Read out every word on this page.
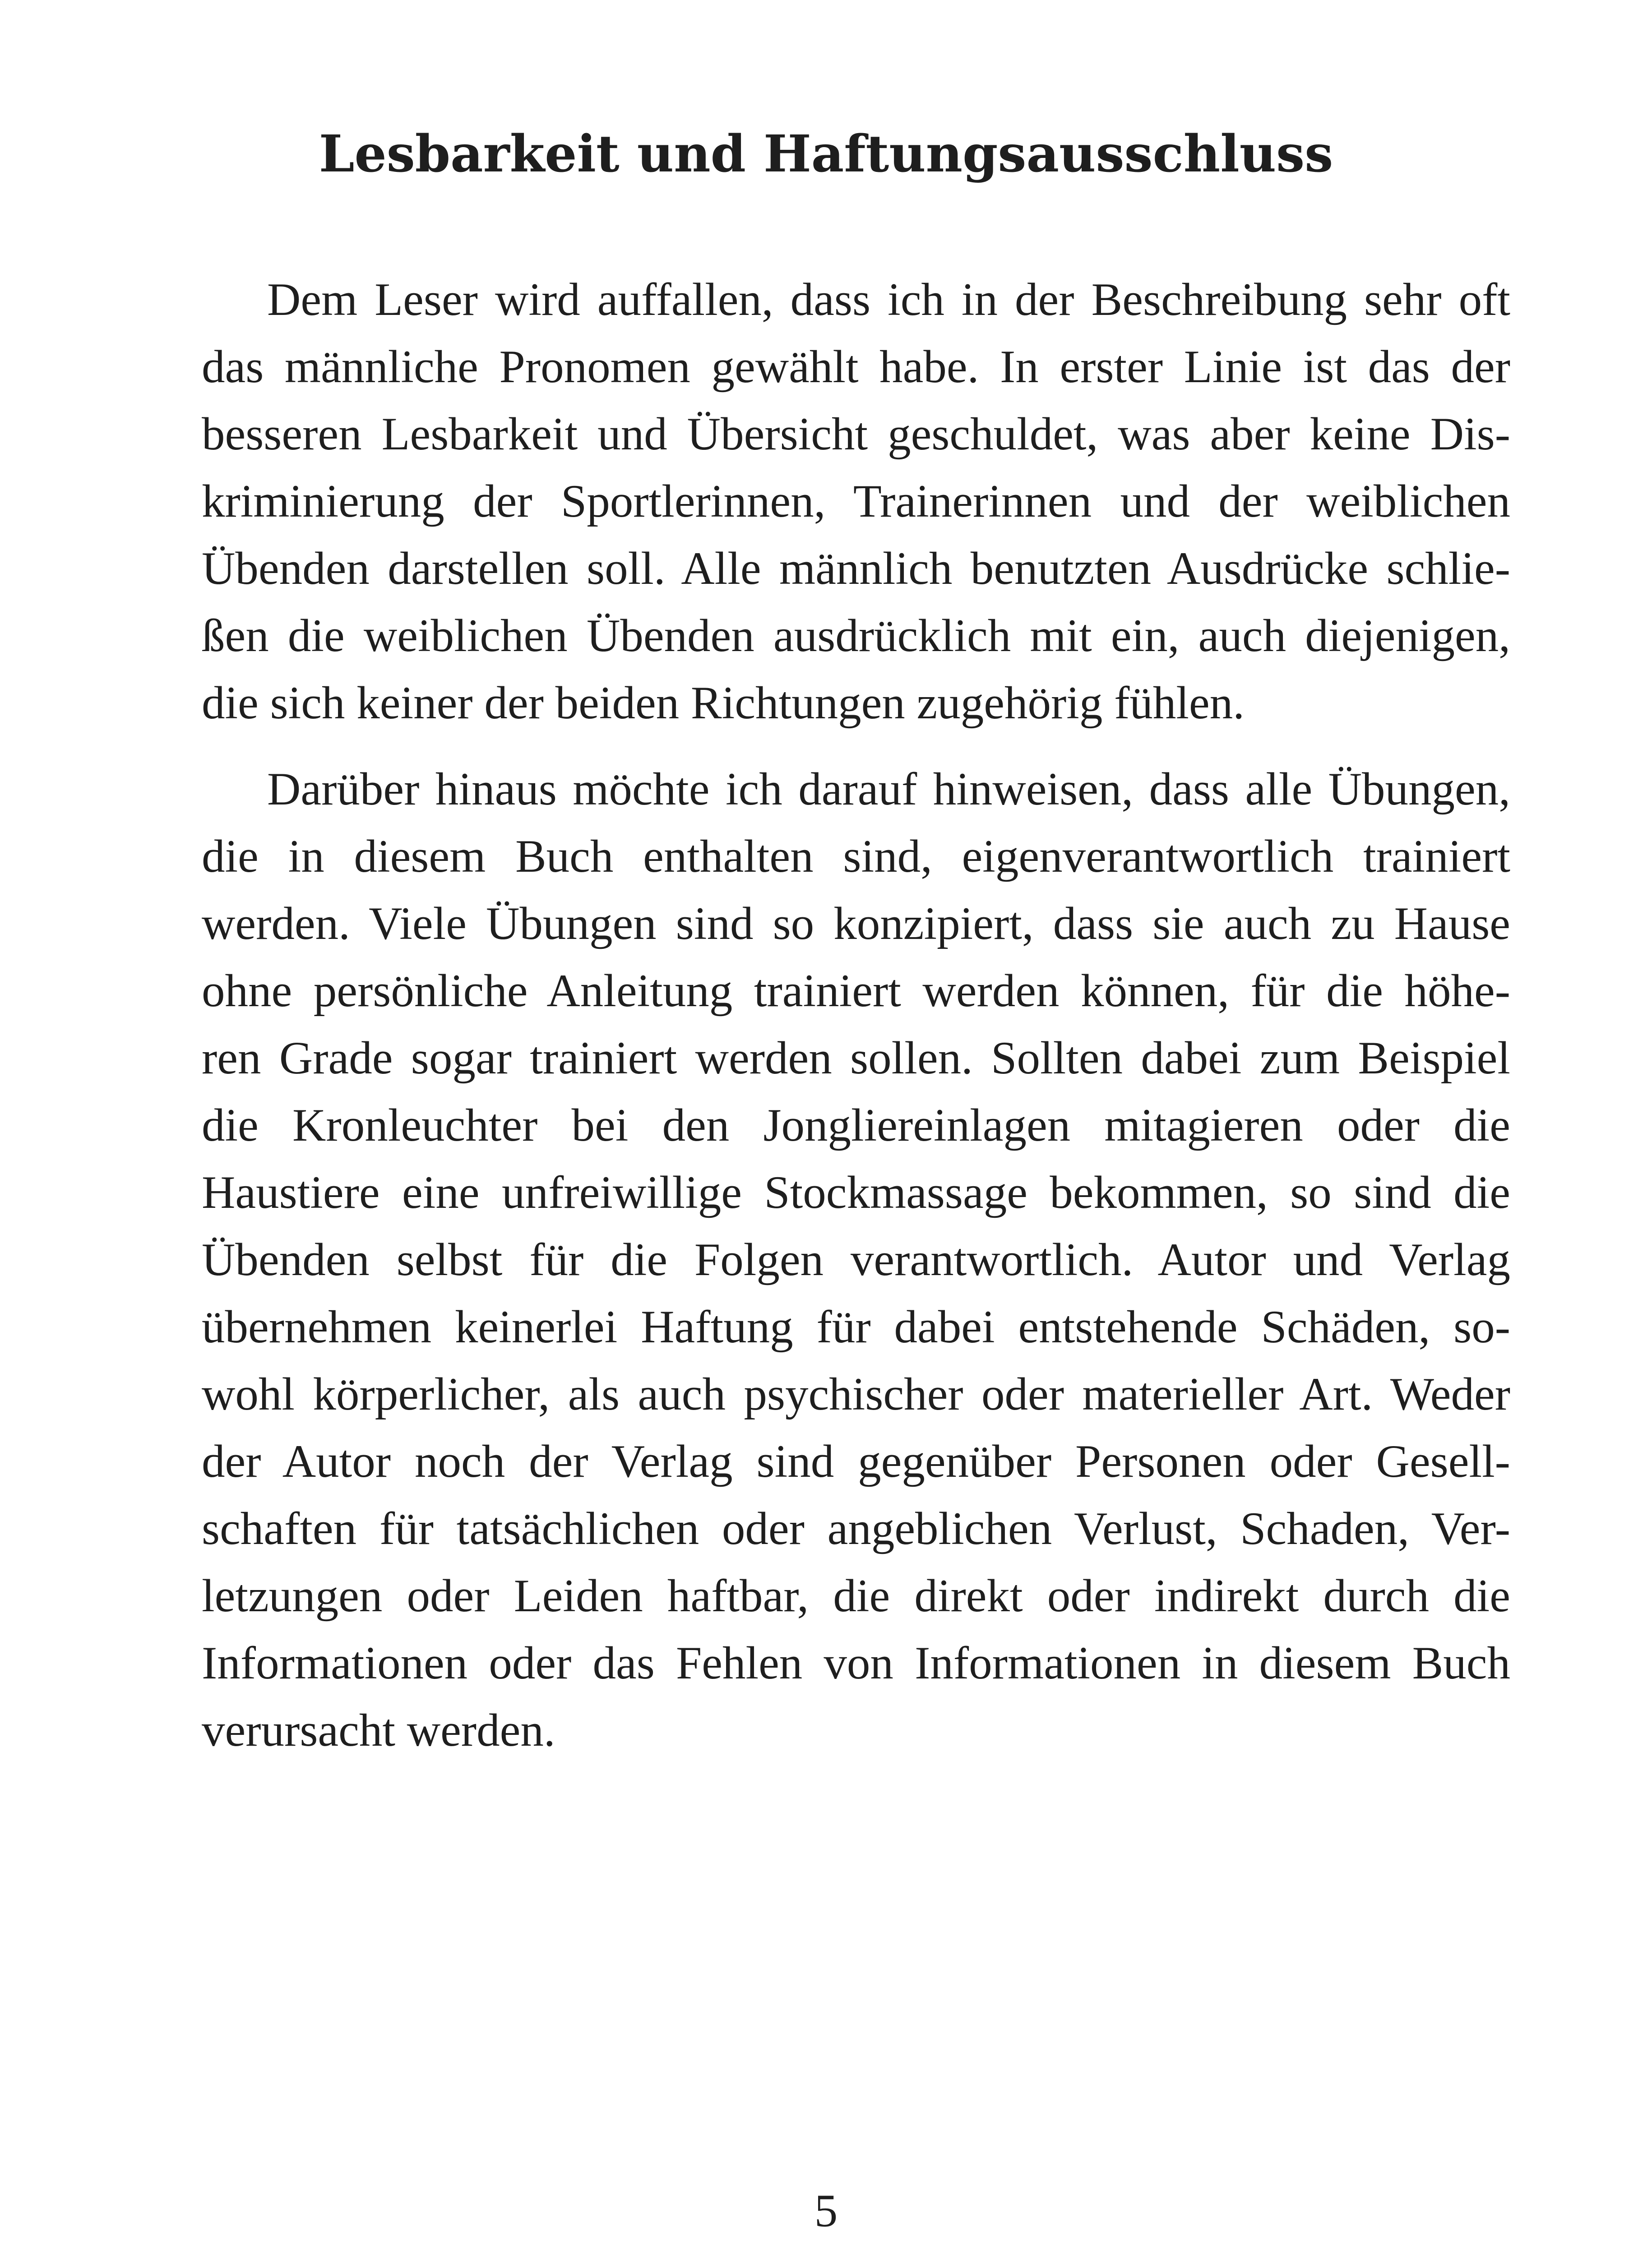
Lesbarkeit und Haftungsausschluss
Dem Leser wird auffallen, dass ich in der Beschreibung sehr oft
das männliche Pronomen gewählt habe. In erster Linie ist das der
besseren Lesbarkeit und Übersicht geschuldet, was aber keine Dis-
kriminierung der Sportlerinnen, Trainerinnen und der weiblichen
Übenden darstellen soll. Alle männlich benutzten Ausdrücke schlie-
ßen die weiblichen Übenden ausdrücklich mit ein, auch diejenigen,
die sich keiner der beiden Richtungen zugehörig fühlen.
Darüber hinaus möchte ich darauf hinweisen, dass alle Übungen,
die in diesem Buch enthalten sind, eigenverantwortlich trainiert
werden. Viele Übungen sind so konzipiert, dass sie auch zu Hause
ohne persönliche Anleitung trainiert werden können, für die höhe-
ren Grade sogar trainiert werden sollen. Sollten dabei zum Beispiel
die Kronleuchter bei den Jongliereinlagen mitagieren oder die
Haustiere eine unfreiwillige Stockmassage bekommen, so sind die
Übenden selbst für die Folgen verantwortlich. Autor und Verlag
übernehmen keinerlei Haftung für dabei entstehende Schäden, so-
wohl körperlicher, als auch psychischer oder materieller Art. Weder
der Autor noch der Verlag sind gegenüber Personen oder Gesell-
schaften für tatsächlichen oder angeblichen Verlust, Schaden, Ver-
letzungen oder Leiden haftbar, die direkt oder indirekt durch die
Informationen oder das Fehlen von Informationen in diesem Buch
verursacht werden.
5
